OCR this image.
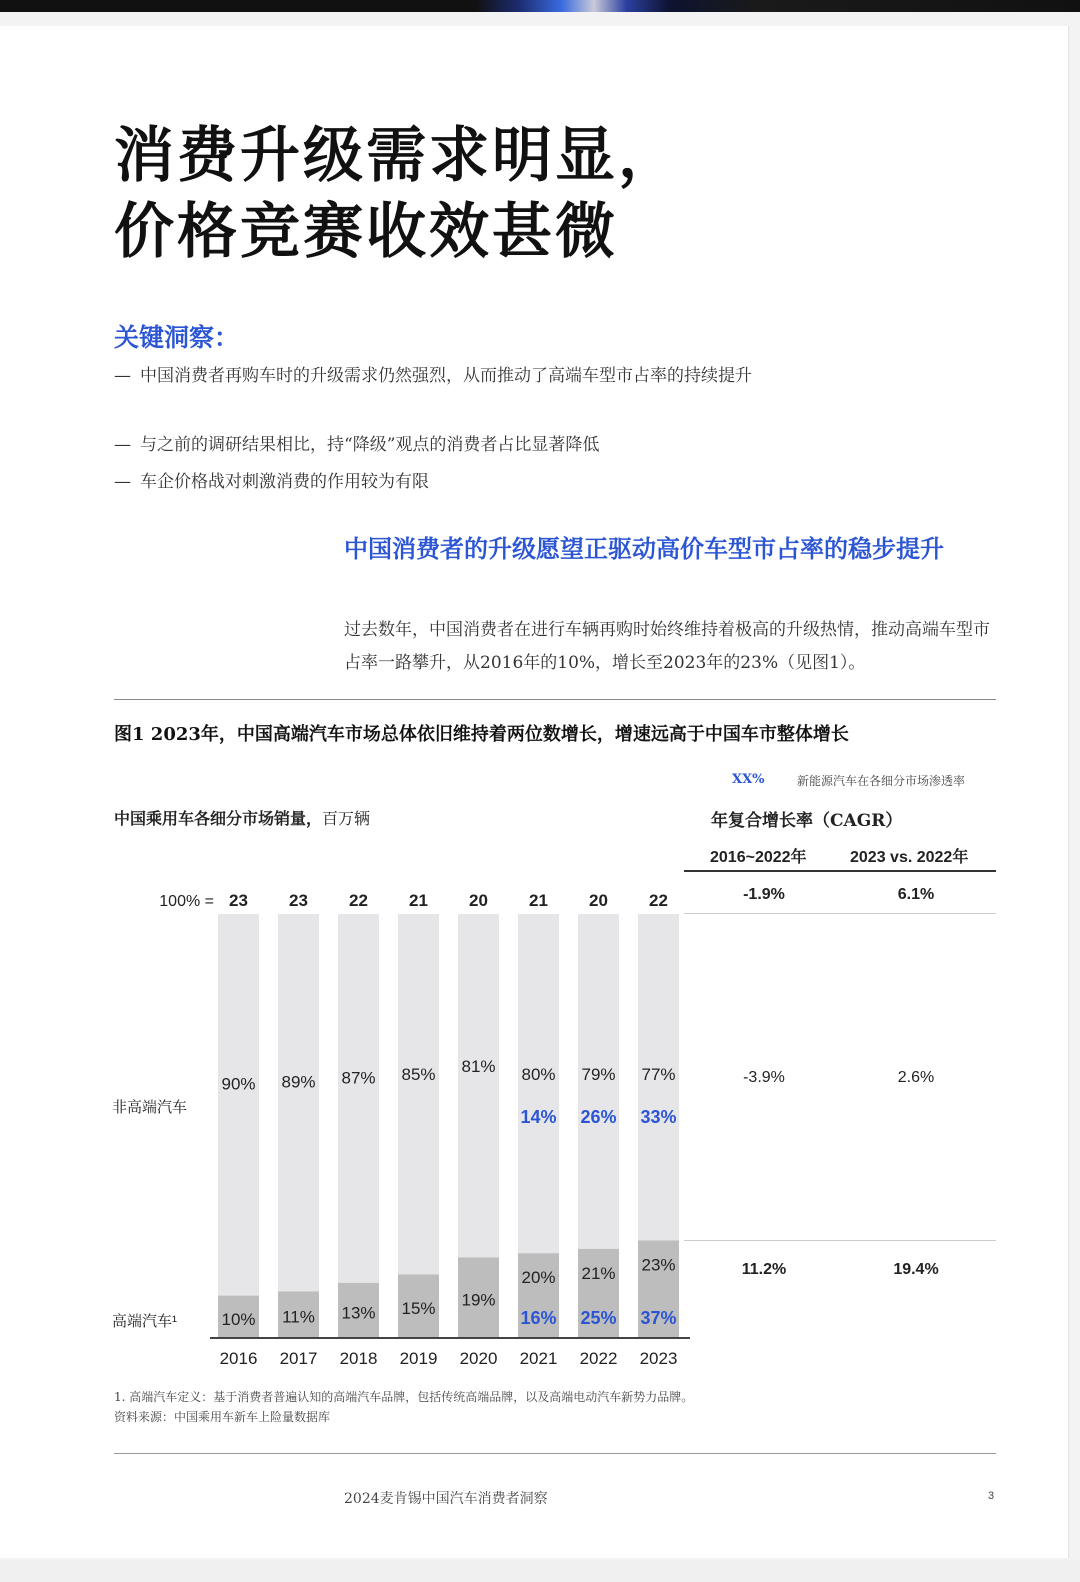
消费升级需求明显，
价格竞赛收效甚微
关键洞察：
— 中国消费者再购车时的升级需求仍然强烈，从而推动了高端车型市占率的持续提升
— 与之前的调研结果相比，持“降级”观点的消费者占比显著降低
— 车企价格战对刺激消费的作用较为有限
中国消费者的升级愿望正驱动高价车型市占率的稳步提升
过去数年，中国消费者在进行车辆再购时始终维持着极高的升级热情，推动高端车型市占率一路攀升，从2016年的10%，增长至2023年的23%（见图1）。
图1 2023年，中国高端汽车市场总体依旧维持着两位数增长，增速远高于中国车市整体增长
XX%	新能源汽车在各细分市场渗透率
中国乘用车各细分市场销量，百万辆	年复合增长率（CAGR）
2016~2022年	2023 vs. 2022年
-1.9%	6.1%
-3.9%	2.6%
11.2%	19.4%
100% =
非高端汽车
高端汽车¹
23
90%
10%
2016
23
89%
11%
2017
22
87%
13%
2018
21
85%
15%
2019
20
81%
19%
2020
21
80%
14%
20%
16%
2021
20
79%
26%
21%
25%
2022
22
77%
33%
23%
37%
2023
1. 高端汽车定义：基于消费者普遍认知的高端汽车品牌，包括传统高端品牌，以及高端电动汽车新势力品牌。
资料来源：中国乘用车新车上险量数据库
2024麦肯锡中国汽车消费者洞察	3
